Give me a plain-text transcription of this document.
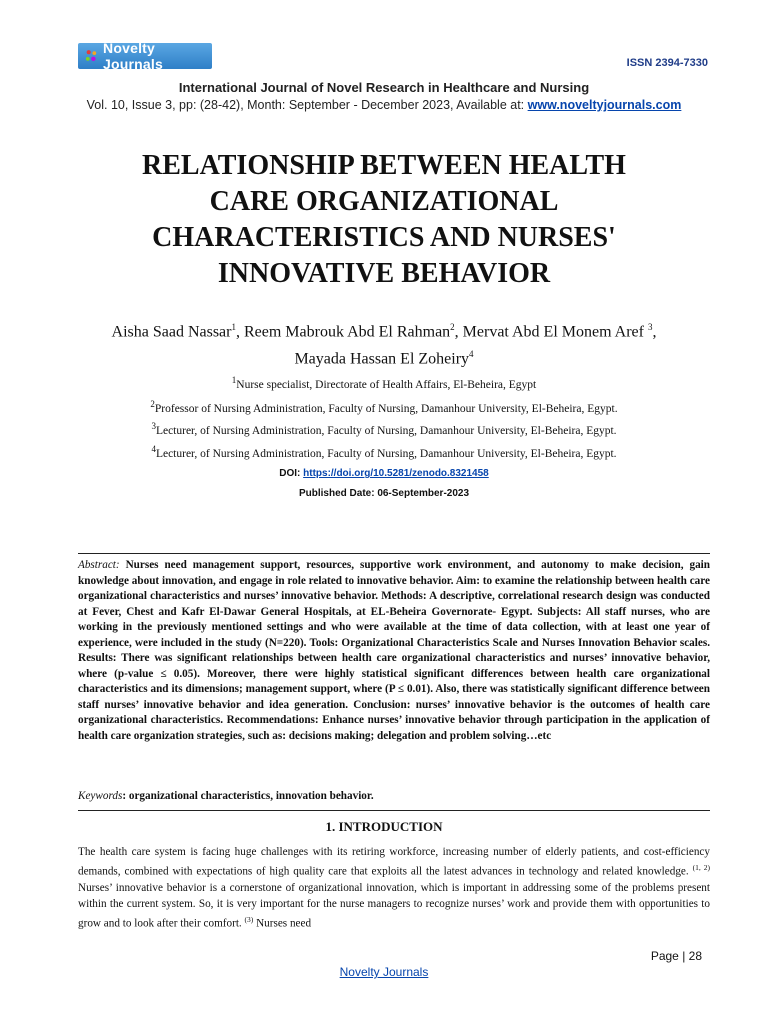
Novelty Journals	ISSN 2394-7330
International Journal of Novel Research in Healthcare and Nursing
Vol. 10, Issue 3, pp: (28-42), Month: September - December 2023, Available at: www.noveltyjournals.com
RELATIONSHIP BETWEEN HEALTH
CARE ORGANIZATIONAL
CHARACTERISTICS AND NURSES'
INNOVATIVE BEHAVIOR
Aisha Saad Nassar$^1$, Reem Mabrouk Abd El Rahman$^2$, Mervat Abd El Monem Aref $^3$,
Mayada Hassan El Zoheiry$^4$
$^1$Nurse specialist, Directorate of Health Affairs, El-Beheira, Egypt
$^2$Professor of Nursing Administration, Faculty of Nursing, Damanhour University, El-Beheira, Egypt.
$^3$Lecturer, of Nursing Administration, Faculty of Nursing, Damanhour University, El-Beheira, Egypt.
$^4$Lecturer, of Nursing Administration, Faculty of Nursing, Damanhour University, El-Beheira, Egypt.
DOI: https://doi.org/10.5281/zenodo.8321458
Published Date: 06-September-2023
Abstract: Nurses need management support, resources, supportive work environment, and autonomy to make decision, gain knowledge about innovation, and engage in role related to innovative behavior. Aim: to examine the relationship between health care organizational characteristics and nurses’ innovative behavior. Methods: A descriptive, correlational research design was conducted at Fever, Chest and Kafr El-Dawar General Hospitals, at EL-Beheira Governorate- Egypt. Subjects: All staff nurses, who are working in the previously mentioned settings and who were available at the time of data collection, with at least one year of experience, were included in the study (N=220). Tools: Organizational Characteristics Scale and Nurses Innovation Behavior scales. Results: There was significant relationships between health care organizational characteristics and nurses’ innovative behavior, where (p-value ≤ 0.05). Moreover, there were highly statistical significant differences between health care organizational characteristics and its dimensions; management support, where (P ≤ 0.01). Also, there was statistically significant difference between staff nurses’ innovative behavior and idea generation. Conclusion: nurses’ innovative behavior is the outcomes of health care organizational characteristics. Recommendations: Enhance nurses’ innovative behavior through participation in the application of health care organization strategies, such as: decisions making; delegation and problem solving…etc
Keywords: organizational characteristics, innovation behavior.
1. INTRODUCTION
The health care system is facing huge challenges with its retiring workforce, increasing number of elderly patients, and cost-efficiency demands, combined with expectations of high quality care that exploits all the latest advances in technology and related knowledge. $^{(1, 2)}$ Nurses’ innovative behavior is a cornerstone of organizational innovation, which is important in addressing some of the problems present within the current system. So, it is very important for the nurse managers to recognize nurses’ work and provide them with opportunities to grow and to look after their comfort. $^{(3)}$ Nurses need
Page | 28
Novelty Journals
